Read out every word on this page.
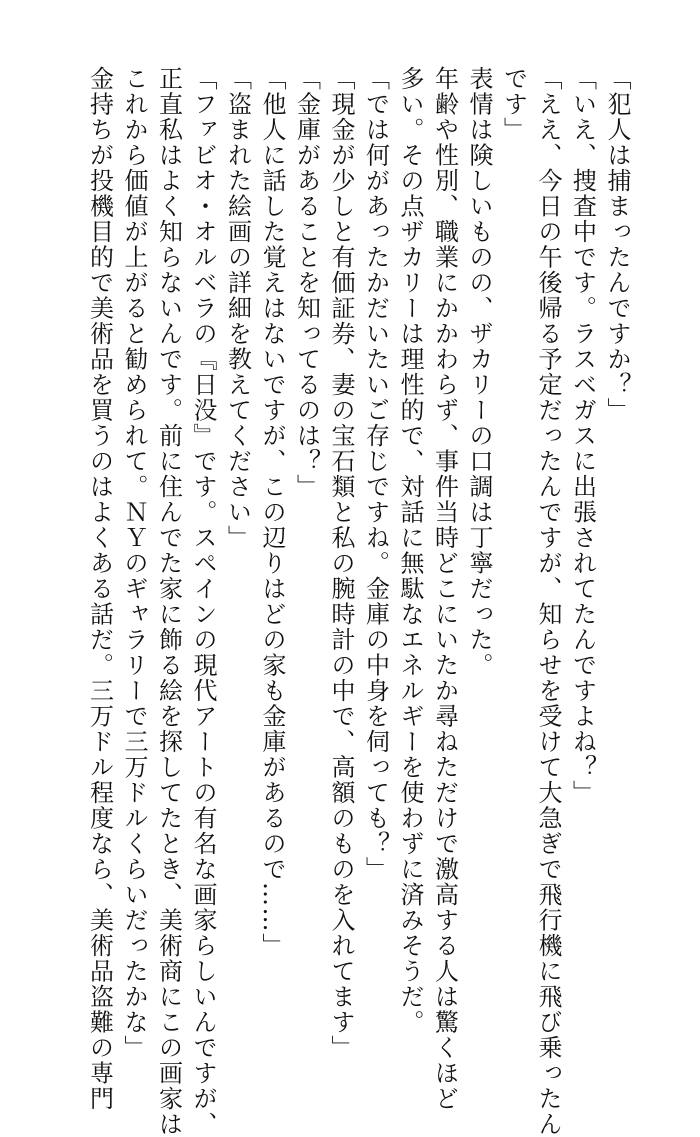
「犯人は捕まったんですか？」
「いえ、捜査中です。ラスベガスに出張されてたんですよね？」
「ええ、今日の午後帰る予定だったんですが、知らせを受けて大急ぎで飛行機に飛び乗ったん
です」
表情は険しいものの、ザカリーの口調は丁寧だった。
年齢や性別、職業にかかわらず、事件当時どこにいたか尋ねただけで激高する人は驚くほど
多い。その点ザカリーは理性的で、対話に無駄なエネルギーを使わずに済みそうだ。
「では何があったかだいたいご存じですね。金庫の中身を伺っても？」
「現金が少しと有価証券、妻の宝石類と私の腕時計の中で、高額のものを入れてます」
「金庫があることを知ってるのは？」
「他人に話した覚えはないですが、この辺りはどの家も金庫があるので……」
「盗まれた絵画の詳細を教えてください」
「ファビオ・オルベラの『日没』です。スペインの現代アートの有名な画家らしいんですが、
正直私はよく知らないんです。前に住んでた家に飾る絵を探してたとき、美術商にこの画家は
これから価値が上がると勧められて。ＮＹのギャラリーで三万ドルくらいだったかな」
金持ちが投機目的で美術品を買うのはよくある話だ。三万ドル程度なら、美術品盗難の専門
